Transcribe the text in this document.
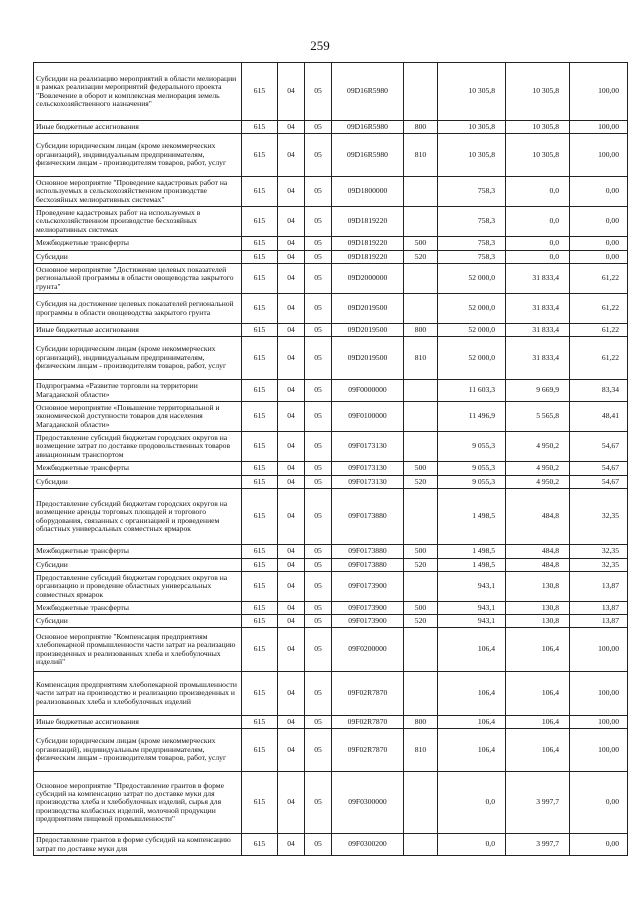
259
Субсидии на реализацию мероприятий в области мелиорации в рамках реализации мероприятий федерального проекта "Вовлечение в оборот и комплексная мелиорация земель сельскохозяйственного назначения"	615	04	05	09D16R5980		10 305,8	10 305,8	100,00
Иные бюджетные ассигнования	615	04	05	09D16R5980	800	10 305,8	10 305,8	100,00
Субсидии юридическим лицам (кроме некоммерческих организаций), индивидуальным предпринимателям, физическим лицам - производителям товаров, работ, услуг	615	04	05	09D16R5980	810	10 305,8	10 305,8	100,00
Основное мероприятие "Проведение кадастровых работ на используемых в сельскохозяйственном производстве бесхозяйных мелиоративных системах"	615	04	05	09D1800000		758,3	0,0	0,00
Проведение кадастровых работ на используемых в сельскохозяйственном производстве бесхозяйных мелиоративных системах	615	04	05	09D1819220		758,3	0,0	0,00
Межбюджетные трансферты	615	04	05	09D1819220	500	758,3	0,0	0,00
Субсидии	615	04	05	09D1819220	520	758,3	0,0	0,00
Основное мероприятие "Достижение целевых показателей региональной программы в области овощеводства закрытого грунта"	615	04	05	09D2000000		52 000,0	31 833,4	61,22
Субсидия на достижение целевых показателей региональной программы в области овощеводства закрытого грунта	615	04	05	09D2019500		52 000,0	31 833,4	61,22
Иные бюджетные ассигнования	615	04	05	09D2019500	800	52 000,0	31 833,4	61,22
Субсидии юридическим лицам (кроме некоммерческих организаций), индивидуальным предпринимателям, физическим лицам - производителям товаров, работ, услуг	615	04	05	09D2019500	810	52 000,0	31 833,4	61,22
Подпрограмма «Развитие торговли на территории Магаданской области»	615	04	05	09F0000000		11 603,3	9 669,9	83,34
Основное мероприятие «Повышение территориальной и экономической доступности товаров для населения Магаданской области»	615	04	05	09F0100000		11 496,9	5 565,8	48,41
Предоставление субсидий бюджетам городских округов на возмещение затрат по доставке продовольственных товаров авиационным транспортом	615	04	05	09F0173130		9 055,3	4 950,2	54,67
Межбюджетные трансферты	615	04	05	09F0173130	500	9 055,3	4 950,2	54,67
Субсидии	615	04	05	09F0173130	520	9 055,3	4 950,2	54,67
Предоставление субсидий бюджетам городских округов на возмещение аренды торговых площадей и торгового оборудования, связанных с организацией и проведением областных универсальных совместных ярмарок	615	04	05	09F0173880		1 498,5	484,8	32,35
Межбюджетные трансферты	615	04	05	09F0173880	500	1 498,5	484,8	32,35
Субсидии	615	04	05	09F0173880	520	1 498,5	484,8	32,35
Предоставление субсидий бюджетам городских округов на организацию и проведение областных универсальных совместных ярмарок	615	04	05	09F0173900		943,1	130,8	13,87
Межбюджетные трансферты	615	04	05	09F0173900	500	943,1	130,8	13,87
Субсидии	615	04	05	09F0173900	520	943,1	130,8	13,87
Основное мероприятие "Компенсация предприятиям хлебопекарной промышленности части затрат на реализацию произведенных и реализованных хлеба и хлебобулочных изделий"	615	04	05	09F0200000		106,4	106,4	100,00
Компенсация предприятиям хлебопекарной промышленности части затрат на производство и реализацию произведенных и реализованных хлеба и хлебобулочных изделий	615	04	05	09F02R7870		106,4	106,4	100,00
Иные бюджетные ассигнования	615	04	05	09F02R7870	800	106,4	106,4	100,00
Субсидии юридическим лицам (кроме некоммерческих организаций), индивидуальным предпринимателям, физическим лицам - производителям товаров, работ, услуг	615	04	05	09F02R7870	810	106,4	106,4	100,00
Основное мероприятие "Предоставление грантов в форме субсидий на компенсацию затрат по доставке муки для производства хлеба и хлебобулочных изделий, сырья для производства колбасных изделий, молочной продукции предприятиям пищевой промышленности"	615	04	05	09F0300000		0,0	3 997,7	0,00
Предоставление грантов в форме субсидий на компенсацию затрат по доставке муки для	615	04	05	09F0300200		0,0	3 997,7	0,00
